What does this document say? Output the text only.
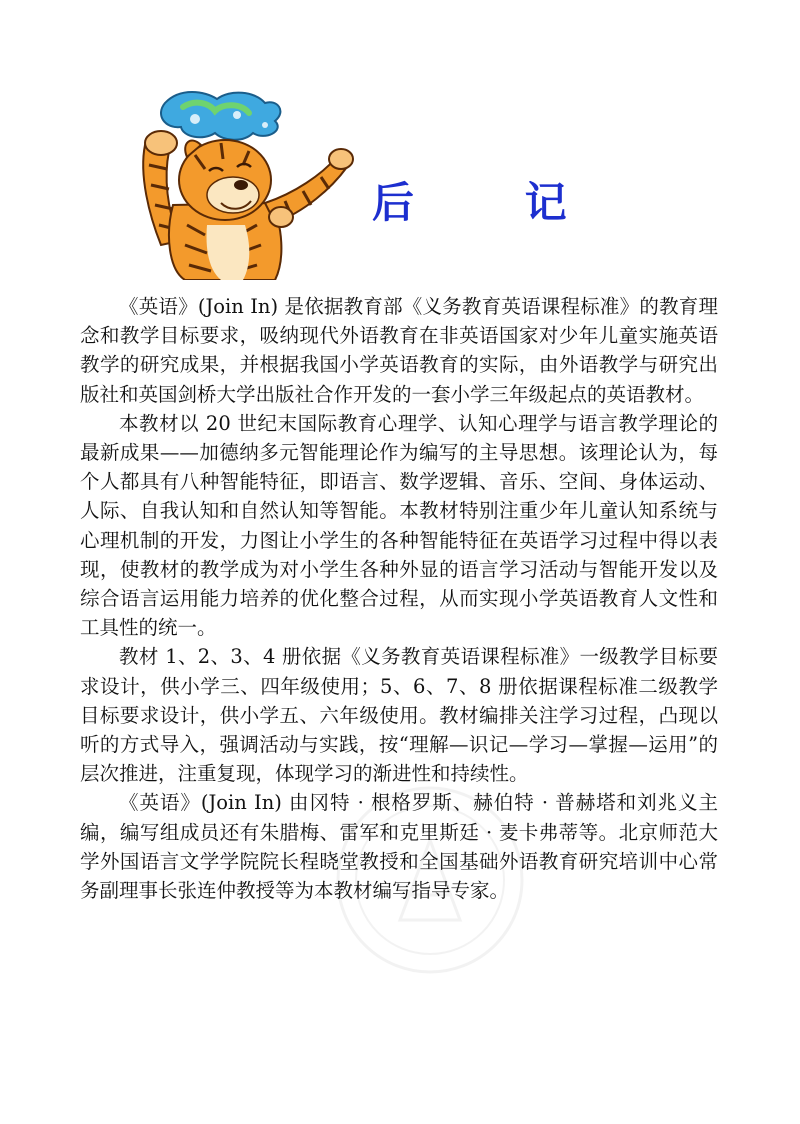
后 记

《英语》(Join In) 是依据教育部《义务教育英语课程标准》的教育理念和教学目标要求，吸纳现代外语教育在非英语国家对少年儿童实施英语教学的研究成果，并根据我国小学英语教育的实际，由外语教学与研究出版社和英国剑桥大学出版社合作开发的一套小学三年级起点的英语教材。

本教材以 20 世纪末国际教育心理学、认知心理学与语言教学理论的最新成果——加德纳多元智能理论作为编写的主导思想。该理论认为，每个人都具有八种智能特征，即语言、数学逻辑、音乐、空间、身体运动、人际、自我认知和自然认知等智能。本教材特别注重少年儿童认知系统与心理机制的开发，力图让小学生的各种智能特征在英语学习过程中得以表现，使教材的教学成为对小学生各种外显的语言学习活动与智能开发以及综合语言运用能力培养的优化整合过程，从而实现小学英语教育人文性和工具性的统一。

教材 1、2、3、4 册依据《义务教育英语课程标准》一级教学目标要求设计，供小学三、四年级使用；5、6、7、8 册依据课程标准二级教学目标要求设计，供小学五、六年级使用。教材编排关注学习过程，凸现以听的方式导入，强调活动与实践，按“理解—识记—学习—掌握—运用”的层次推进，注重复现，体现学习的渐进性和持续性。

《英语》(Join In) 由冈特 · 根格罗斯、赫伯特 · 普赫塔和刘兆义主编，编写组成员还有朱腊梅、雷军和克里斯廷 · 麦卡弗蒂等。北京师范大学外国语言文学学院院长程晓堂教授和全国基础外语教育研究培训中心常务副理事长张连仲教授等为本教材编写指导专家。
